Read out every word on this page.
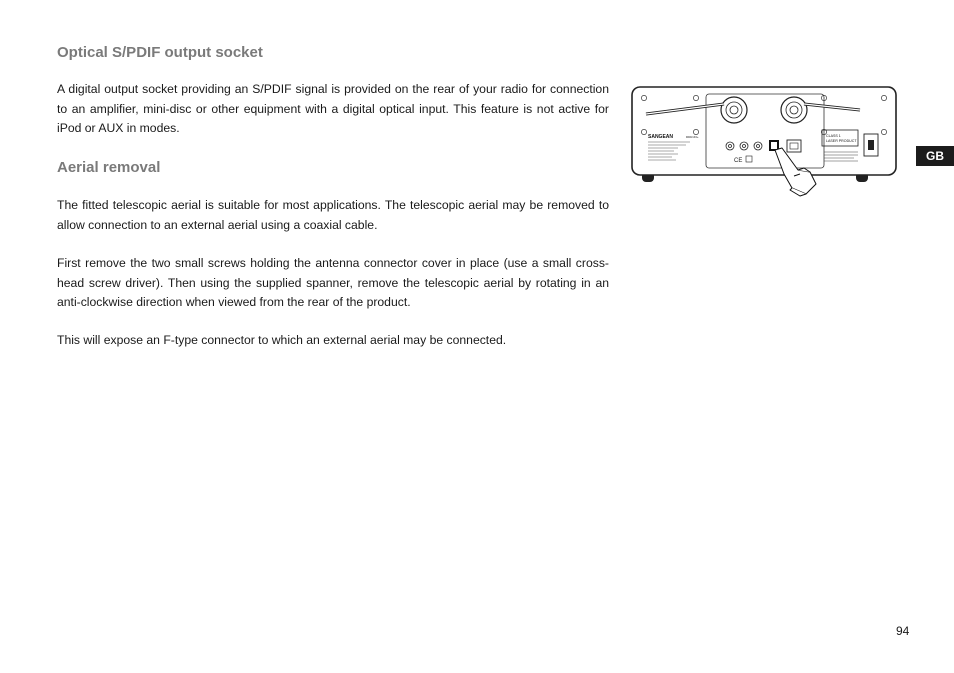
Optical S/PDIF output socket

A digital output socket providing an S/PDIF signal is provided on the rear of your radio for connection to an amplifier, mini-disc or other equipment with a digital optical input. This feature is not active for iPod or AUX in modes.

Aerial removal

The fitted telescopic aerial is suitable for most applications. The telescopic aerial may be removed to allow connection to an external aerial using a coaxial cable.

First remove the two small screws holding the antenna connector cover in place (use a small cross-head screw driver). Then using the supplied spanner, remove the telescopic aerial by rotating in an anti-clockwise direction when viewed from the rear of the product.

This will expose an F-type connector to which an external aerial may be connected.

GB
94
SANGEAN	DDR-63+
CE
CLASS 1
LASER PRODUCT
